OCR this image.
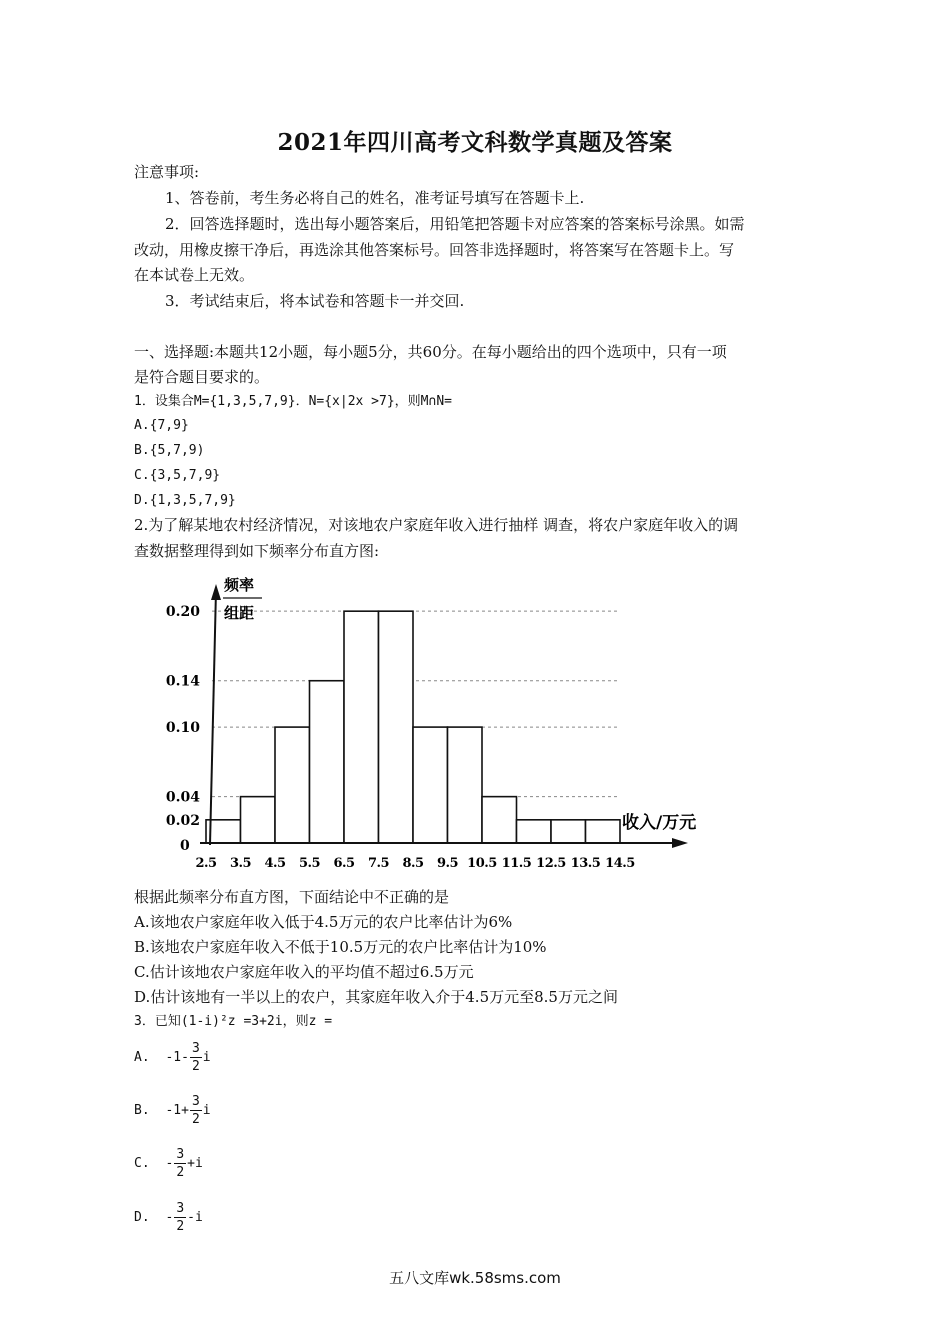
2021年四川高考文科数学真题及答案
注意事项:
1、答卷前，考生务必将自己的姓名，准考证号填写在答题卡上.
2．回答选择题时，选出每小题答案后，用铅笔把答题卡对应答案的答案标号涂黑。如需
改动，用橡皮擦干净后，再选涂其他答案标号。回答非选择题时，将答案写在答题卡上。写
在本试卷上无效。
3．考试结束后，将本试卷和答题卡一并交回.
一、选择题:本题共12小题，每小题5分，共60分。在每小题给出的四个选项中，只有一项
是符合题目要求的。
1．设集合M={1,3,5,7,9}．N={x|2x >7}，则M∩N=
A.{7,9}
B.{5,7,9)
C.{3,5,7,9}
D.{1,3,5,7,9}
2.为了解某地农村经济情况，对该地农户家庭年收入进行抽样 调查，将农户家庭年收入的调
查数据整理得到如下频率分布直方图:
频率
组距
收入/万元
0
0.02
0.04
0.10
0.14
0.20
2.5 3.5 4.5 5.5 6.5 7.5 8.5 9.5 10.5 11.5 12.5 13.5 14.5
根据此频率分布直方图，下面结论中不正确的是
A.该地农户家庭年收入低于4.5万元的农户比率估计为6%
B.该地农户家庭年收入不低于10.5万元的农户比率估计为10%
C.估计该地农户家庭年收入的平均值不超过6.5万元
D.估计该地有一半以上的农户，其家庭年收入介于4.5万元至8.5万元之间
3．已知(1-i)²z =3+2i，则z =
A. $-1- \frac{3}{2}$ i
B. $-1+ \frac{3}{2}$ i
C. - $\frac{3}{2} +i$
D. - $\frac{3}{2} -i$
五八文库wk.58sms.com
